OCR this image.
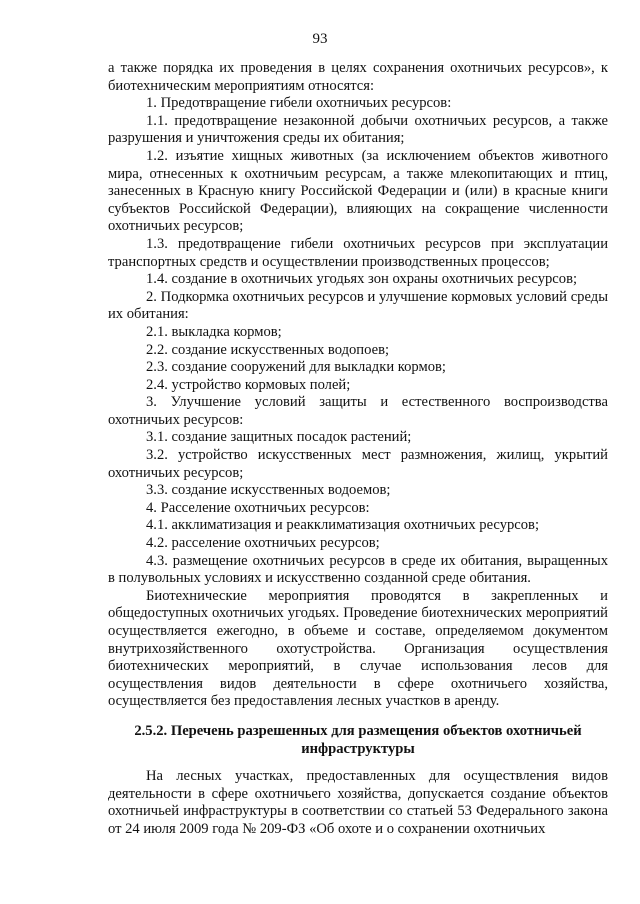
93

а также порядка их проведения в целях сохранения охотничьих ресурсов», к биотехническим мероприятиям относятся:

1. Предотвращение гибели охотничьих ресурсов:

1.1. предотвращение незаконной добычи охотничьих ресурсов, а также разрушения и уничтожения среды их обитания;

1.2. изъятие хищных животных (за исключением объектов животного мира, отнесенных к охотничьим ресурсам, а также млекопитающих и птиц, занесенных в Красную книгу Российской Федерации и (или) в красные книги субъектов Российской Федерации), влияющих на сокращение численности охотничьих ресурсов;

1.3. предотвращение гибели охотничьих ресурсов при эксплуатации транспортных средств и осуществлении производственных процессов;

1.4. создание в охотничьих угодьях зон охраны охотничьих ресурсов;

2. Подкормка охотничьих ресурсов и улучшение кормовых условий среды их обитания:

2.1. выкладка кормов;

2.2. создание искусственных водопоев;

2.3. создание сооружений для выкладки кормов;

2.4. устройство кормовых полей;

3. Улучшение условий защиты и естественного воспроизводства охотничьих ресурсов:

3.1. создание защитных посадок растений;

3.2. устройство искусственных мест размножения, жилищ, укрытий охотничьих ресурсов;

3.3. создание искусственных водоемов;

4. Расселение охотничьих ресурсов:

4.1. акклиматизация и реакклиматизация охотничьих ресурсов;

4.2. расселение охотничьих ресурсов;

4.3. размещение охотничьих ресурсов в среде их обитания, выращенных в полувольных условиях и искусственно созданной среде обитания.

Биотехнические мероприятия проводятся в закрепленных и общедоступных охотничьих угодьях. Проведение биотехнических мероприятий осуществляется ежегодно, в объеме и составе, определяемом документом внутрихозяйственного охотустройства. Организация осуществления биотехнических мероприятий, в случае использования лесов для осуществления видов деятельности в сфере охотничьего хозяйства, осуществляется без предоставления лесных участков в аренду.

2.5.2. Перечень разрешенных для размещения объектов охотничьей инфраструктуры

На лесных участках, предоставленных для осуществления видов деятельности в сфере охотничьего хозяйства, допускается создание объектов охотничьей инфраструктуры в соответствии со статьей 53 Федерального закона от 24 июля 2009 года № 209-ФЗ «Об охоте и о сохранении охотничьих
